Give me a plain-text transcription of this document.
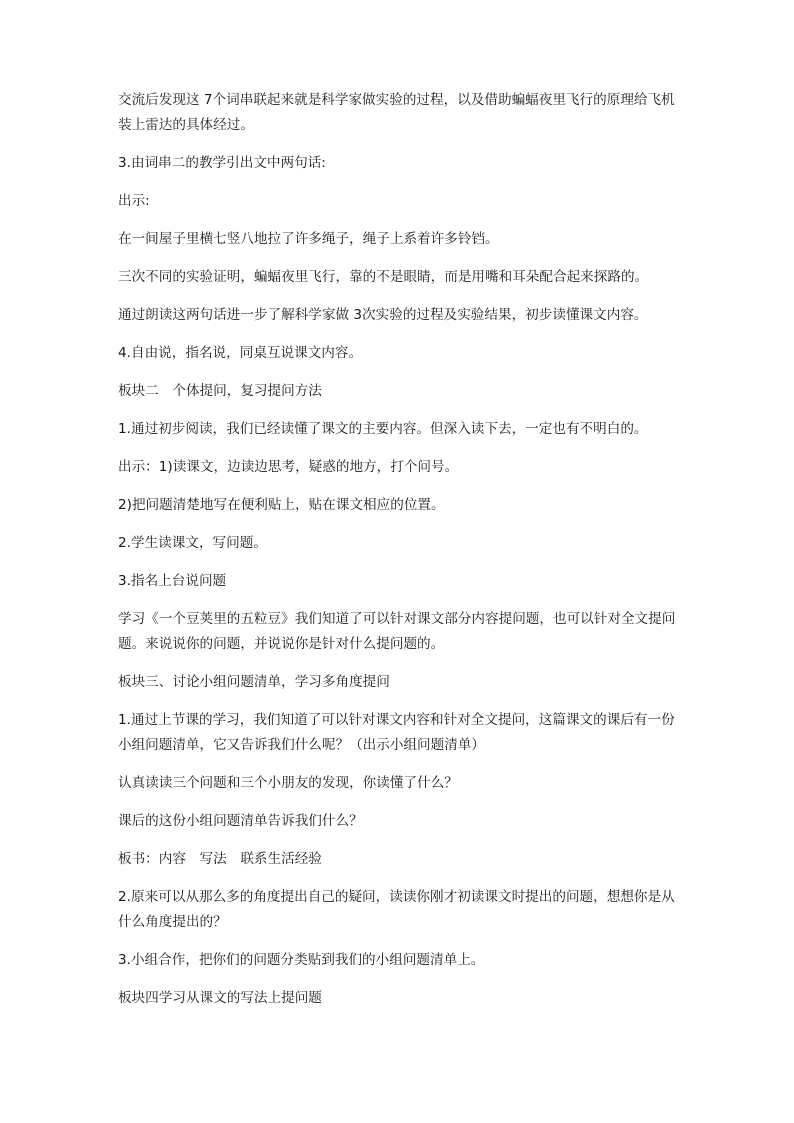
交流后发现这 7个词串联起来就是科学家做实验的过程，以及借助蝙蝠夜里飞行的原理给飞机装上雷达的具体经过。

3.由词串二的教学引出文中两句话:

出示:

在一间屋子里横七竖八地拉了许多绳子，绳子上系着许多铃铛。

三次不同的实验证明，蝙蝠夜里飞行，靠的不是眼睛，而是用嘴和耳朵配合起来探路的。

通过朗读这两句话进一步了解科学家做 3次实验的过程及实验结果，初步读懂课文内容。

4.自由说，指名说，同桌互说课文内容。

板块二　个体提问，复习提问方法

1.通过初步阅读，我们已经读懂了课文的主要内容。但深入读下去，一定也有不明白的。

出示：1)读课文，边读边思考，疑惑的地方，打个问号。

2)把问题清楚地写在便利贴上，贴在课文相应的位置。

2.学生读课文，写问题。

3.指名上台说问题

学习《一个豆荚里的五粒豆》我们知道了可以针对课文部分内容提问题，也可以针对全文提问题。来说说你的问题，并说说你是针对什么提问题的。

板块三、讨论小组问题清单，学习多角度提问

1.通过上节课的学习，我们知道了可以针对课文内容和针对全文提问，这篇课文的课后有一份小组问题清单，它又告诉我们什么呢？（出示小组问题清单）

认真读读三个问题和三个小朋友的发现，你读懂了什么？

课后的这份小组问题清单告诉我们什么？

板书：内容　写法　联系生活经验

2.原来可以从那么多的角度提出自己的疑问，读读你刚才初读课文时提出的问题，想想你是从什么角度提出的？

3.小组合作，把你们的问题分类贴到我们的小组问题清单上。

板块四学习从课文的写法上提问题
